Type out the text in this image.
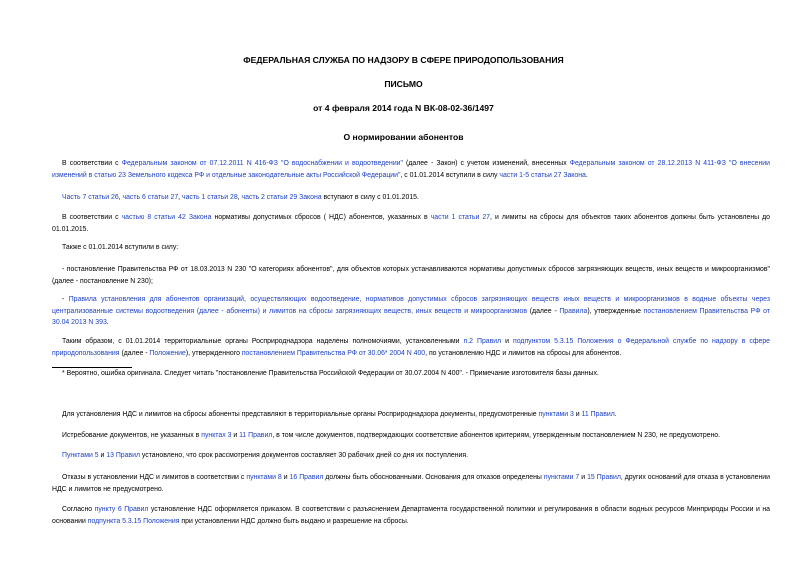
ФЕДЕРАЛЬНАЯ СЛУЖБА ПО НАДЗОРУ В СФЕРЕ ПРИРОДОПОЛЬЗОВАНИЯ
ПИСЬМО
от 4 февраля 2014 года N ВК-08-02-36/1497
О нормировании абонентов
В соответствии с Федеральным законом от 07.12.2011 N 416-ФЗ "О водоснабжении и водоотведении" (далее - Закон) с учетом изменений, внесенных Федеральным законом от 28.12.2013 N 411-ФЗ "О внесении изменений в статью 23 Земельного кодекса РФ и отдельные законодательные акты Российской Федерации", с 01.01.2014 вступили в силу части 1-5 статьи 27 Закона.
Часть 7 статьи 26, часть 6 статьи 27, часть 1 статьи 28, часть 2 статьи 29 Закона вступают в силу с 01.01.2015.
В соответствии с частью 8 статьи 42 Закона нормативы допустимых сбросов ( НДС) абонентов, указанных в части 1 статьи 27, и лимиты на сбросы для объектов таких абонентов должны быть установлены до 01.01.2015.
Также с 01.01.2014 вступили в силу:
- постановление Правительства РФ от 18.03.2013 N 230 "О категориях абонентов", для объектов которых устанавливаются нормативы допустимых сбросов загрязняющих веществ, иных веществ и микроорганизмов" (далее - постановление N 230);
- Правила установления для абонентов организаций, осуществляющих водоотведение, нормативов допустимых сбросов загрязняющих веществ иных веществ и микроорганизмов в водные объекты через централизованные системы водоотведения (далее - абоненты) и лимитов на сбросы загрязняющих веществ, иных веществ и микроорганизмов (далее - Правила), утвержденные постановлением Правительства РФ от 30.04 2013 N 393.
Таким образом, с 01.01.2014 территориальные органы Росприроднадзора наделены полномочиями, установленными п.2 Правил и подпунктом 5.3.15 Положения о Федеральной службе по надзору в сфере природопользования (далее - Положение), утвержденного постановлением Правительства РФ от 30.06* 2004 N 400, по установлению НДС и лимитов на сбросы для абонентов.
* Вероятно, ошибка оригинала. Следует читать "постановление Правительства Российской Федерации от 30.07.2004 N 400". - Примечание изготовителя базы данных.
Для установления НДС и лимитов на сбросы абоненты представляют в территориальные органы Росприроднадзора документы, предусмотренные пунктами 3 и 11 Правил.
Истребование документов, не указанных в пунктах 3 и 11 Правил, в том числе документов, подтверждающих соответствие абонентов критериям, утвержденным постановлением N 230, не предусмотрено.
Пунктами 5 и 13 Правил установлено, что срок рассмотрения документов составляет 30 рабочих дней со дня их поступления.
Отказы в установлении НДС и лимитов в соответствии с пунктами 8 и 16 Правил должны быть обоснованными. Основания для отказов определены пунктами 7 и 15 Правил, других оснований для отказа в установлении НДС и лимитов не предусмотрено.
Согласно пункту 6 Правил установление НДС оформляется приказом. В соответствии с разъяснением Департамента государственной политики и регулирования в области водных ресурсов Минприроды России и на основании подпункта 5.3.15 Положения при установлении НДС должно быть выдано и разрешение на сбросы.
